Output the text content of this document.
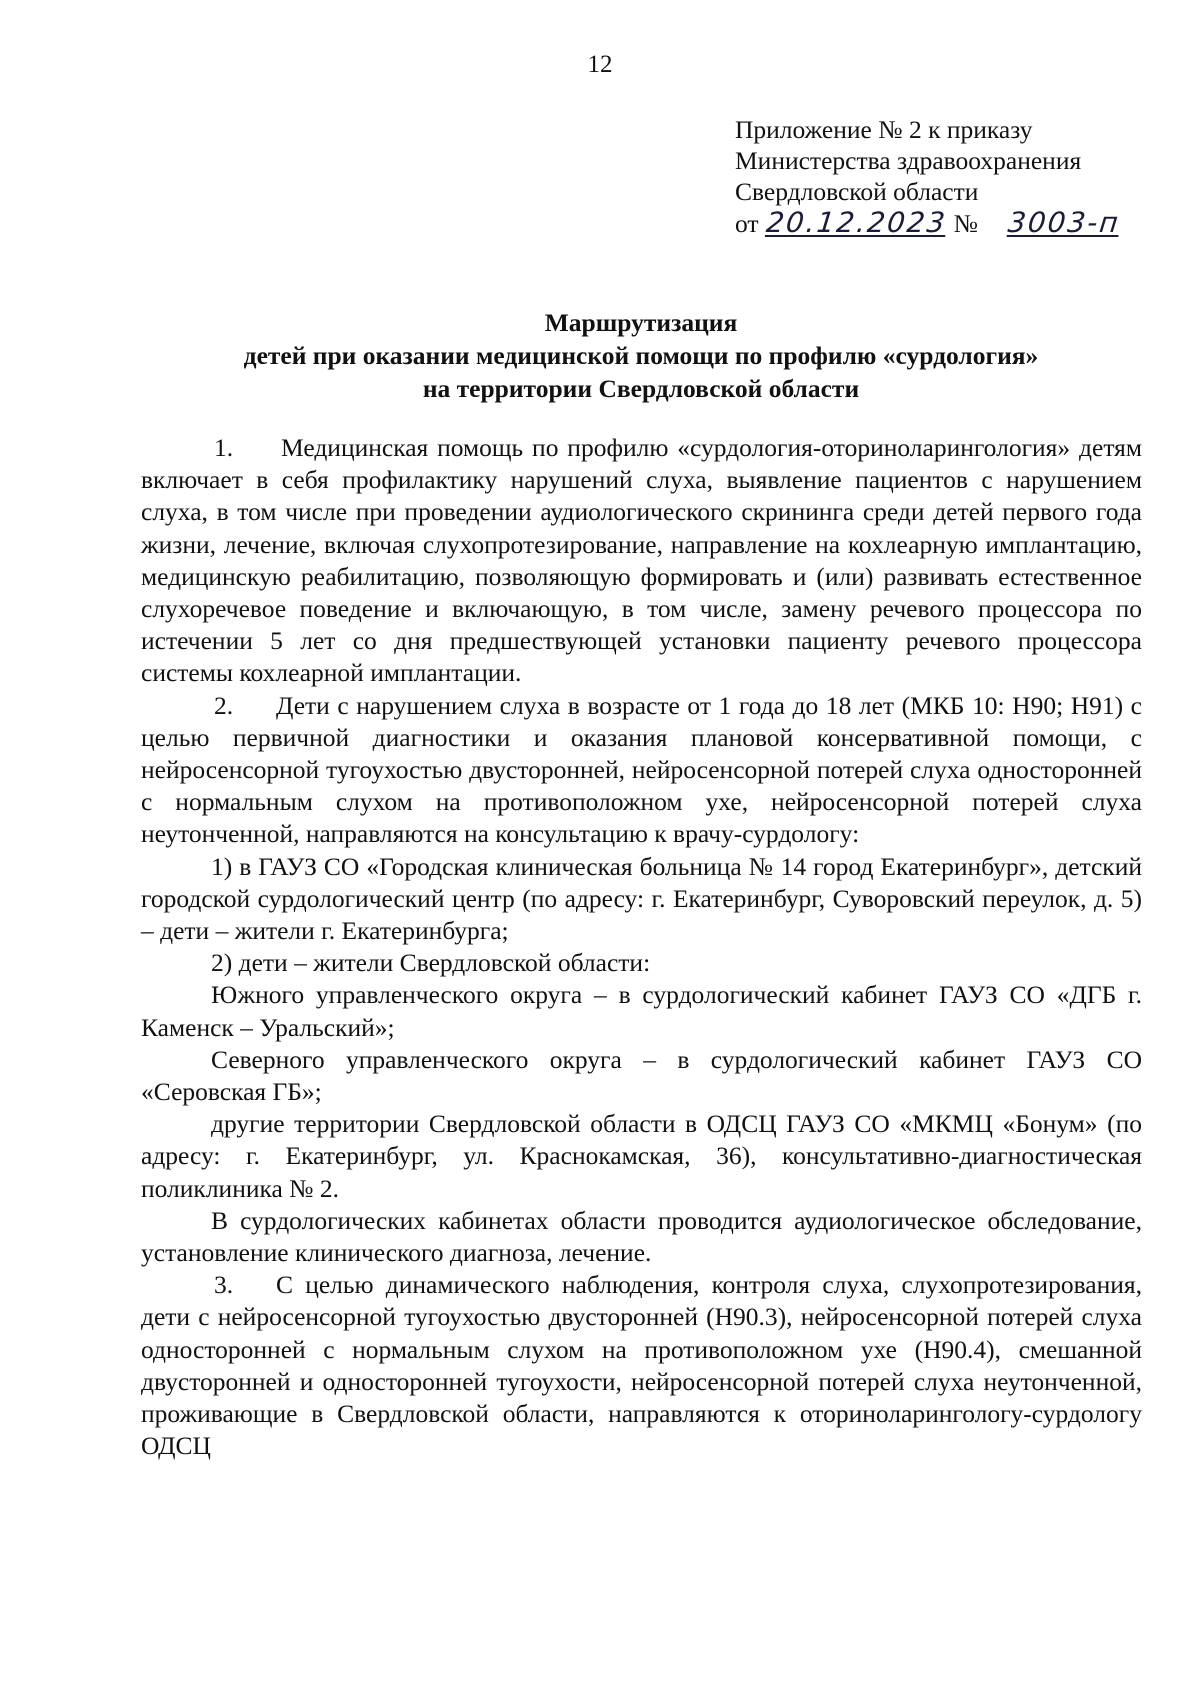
12
Приложение № 2 к приказу
Министерства здравоохранения
Свердловской области
от 20.12.2023 № 3003-п
Маршрутизация
детей при оказании медицинской помощи по профилю «сурдология»
на территории Свердловской области

1. Медицинская помощь по профилю «сурдология-оториноларингология» детям включает в себя профилактику нарушений слуха, выявление пациентов с нарушением слуха, в том числе при проведении аудиологического скрининга среди детей первого года жизни, лечение, включая слухопротезирование, направление на кохлеарную имплантацию, медицинскую реабилитацию, позволяющую формировать и (или) развивать естественное слухоречевое поведение и включающую, в том числе, замену речевого процессора по истечении 5 лет со дня предшествующей установки пациенту речевого процессора системы кохлеарной имплантации.

2. Дети с нарушением слуха в возрасте от 1 года до 18 лет (МКБ 10: H90; H91) с целью первичной диагностики и оказания плановой консервативной помощи, с нейросенсорной тугоухостью двусторонней, нейросенсорной потерей слуха односторонней с нормальным слухом на противоположном ухе, нейросенсорной потерей слуха неутонченной, направляются на консультацию к врачу-сурдологу:

1) в ГАУЗ СО «Городская клиническая больница № 14 город Екатеринбург», детский городской сурдологический центр (по адресу: г. Екатеринбург, Суворовский переулок, д. 5) – дети – жители г. Екатеринбурга;

2) дети – жители Свердловской области:

Южного управленческого округа – в сурдологический кабинет ГАУЗ СО «ДГБ г. Каменск – Уральский»;

Северного управленческого округа – в сурдологический кабинет ГАУЗ СО «Серовская ГБ»;

другие территории Свердловской области в ОДСЦ ГАУЗ СО «МКМЦ «Бонум» (по адресу: г. Екатеринбург, ул. Краснокамская, 36), консультативно-диагностическая поликлиника № 2.

В сурдологических кабинетах области проводится аудиологическое обследование, установление клинического диагноза, лечение.

3. С целью динамического наблюдения, контроля слуха, слухопротезирования, дети с нейросенсорной тугоухостью двусторонней (H90.3), нейросенсорной потерей слуха односторонней с нормальным слухом на противоположном ухе (H90.4), смешанной двусторонней и односторонней тугоухости, нейросенсорной потерей слуха неутонченной, проживающие в Свердловской области, направляются к оториноларингологу-сурдологу ОДСЦ
